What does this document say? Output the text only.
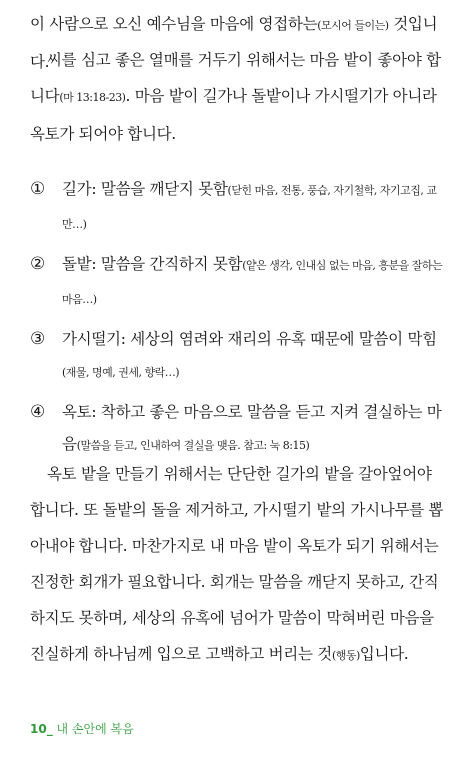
이 사람으로 오신 예수님을 마음에 영접하는(모시어 들이는) 것입니다.

씨를 심고 좋은 열매를 거두기 위해서는 마음 밭이 좋아야 합니다(마 13:18-23). 마음 밭이 길가나 돌밭이나 가시떨기가 아니라 옥토가 되어야 합니다.

①	길가: 말씀을 깨닫지 못함(닫힌 마음, 전통, 풍습, 자기철학, 자기고집, 교만…)
②	돌밭: 말씀을 간직하지 못함(얕은 생각, 인내심 없는 마음, 흥분을 잘하는 마음…)
③	가시떨기: 세상의 염려와 재리의 유혹 때문에 말씀이 막힘(재물, 명예, 권세, 향락…)
④	옥토: 착하고 좋은 마음으로 말씀을 듣고 지켜 결실하는 마음(말씀을 듣고, 인내하여 결실을 맺음. 참고: 눅 8:15)

옥토 밭을 만들기 위해서는 단단한 길가의 밭을 갈아엎어야 합니다. 또 돌밭의 돌을 제거하고, 가시떨기 밭의 가시나무를 뽑아내야 합니다. 마찬가지로 내 마음 밭이 옥토가 되기 위해서는 진정한 회개가 필요합니다. 회개는 말씀을 깨닫지 못하고, 간직하지도 못하며, 세상의 유혹에 넘어가 말씀이 막혀버린 마음을 진실하게 하나님께 입으로 고백하고 버리는 것(행동)입니다.

10_ 내 손안에 복음
